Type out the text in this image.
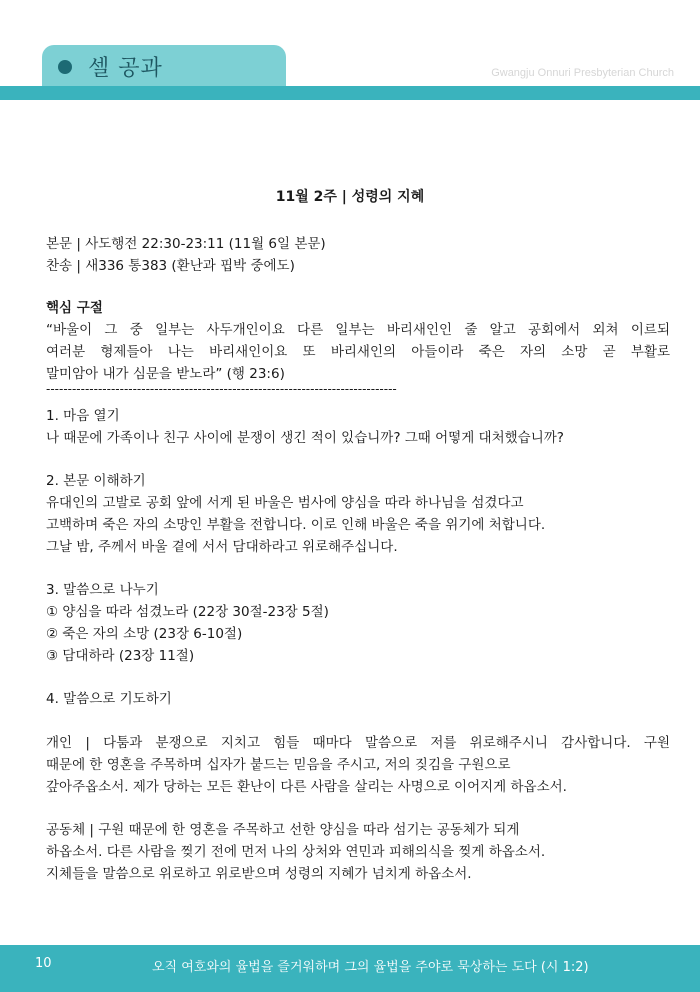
셀 공과	Gwangju Onnuri Presbyterian Church
11월 2주 | 성령의 지혜
본문 | 사도행전 22:30-23:11 (11월 6일 본문)
찬송 | 새336 통383 (환난과 핍박 중에도)
핵심 구절
“바울이 그 중 일부는 사두개인이요 다른 일부는 바리새인인 줄 알고 공회에서 외쳐 이르되
여러분 형제들아 나는 바리새인이요 또 바리새인의 아들이라 죽은 자의 소망 곧 부활로
말미암아 내가 심문을 받노라” (행 23:6)
---------------------------------------------------------------------------------
1. 마음 열기
나 때문에 가족이나 친구 사이에 분쟁이 생긴 적이 있습니까? 그때 어떻게 대처했습니까?
2. 본문 이해하기
유대인의 고발로 공회 앞에 서게 된 바울은 범사에 양심을 따라 하나님을 섬겼다고
고백하며 죽은 자의 소망인 부활을 전합니다. 이로 인해 바울은 죽을 위기에 처합니다.
그날 밤, 주께서 바울 곁에 서서 담대하라고 위로해주십니다.
3. 말씀으로 나누기
① 양심을 따라 섬겼노라 (22장 30절-23장 5절)
② 죽은 자의 소망 (23장 6-10절)
③ 담대하라 (23장 11절)
4. 말씀으로 기도하기
개인 | 다툼과 분쟁으로 지치고 힘들 때마다 말씀으로 저를 위로해주시니 감사합니다. 구원
때문에 한 영혼을 주목하며 십자가 붙드는 믿음을 주시고, 저의 짖김을 구원으로
갚아주옵소서. 제가 당하는 모든 환난이 다른 사람을 살리는 사명으로 이어지게 하옵소서.
공동체 | 구원 때문에 한 영혼을 주목하고 선한 양심을 따라 섬기는 공동체가 되게
하옵소서. 다른 사람을 찢기 전에 먼저 나의 상처와 연민과 피해의식을 찢게 하옵소서.
지체들을 말씀으로 위로하고 위로받으며 성령의 지혜가 넘치게 하옵소서.
10	오직 여호와의 율법을 즐거워하며 그의 율법을 주야로 묵상하는 도다 (시 1:2)
